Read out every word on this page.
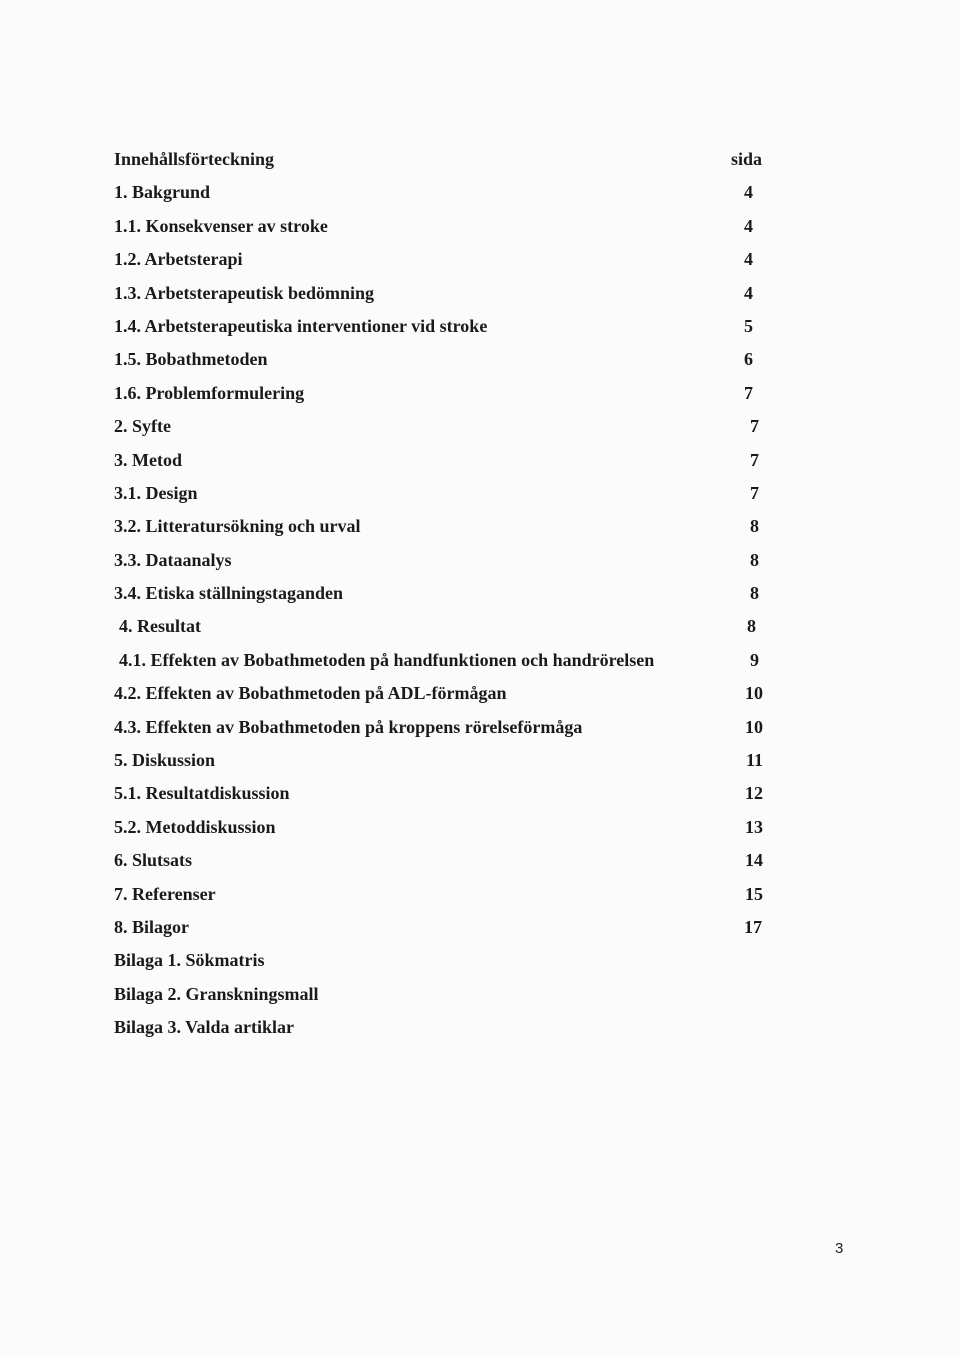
Innehållsförteckning	sida
1. Bakgrund	4
1.1. Konsekvenser av stroke	4
1.2. Arbetsterapi	4
1.3. Arbetsterapeutisk bedömning	4
1.4. Arbetsterapeutiska interventioner vid stroke	5
1.5. Bobathmetoden	6
1.6. Problemformulering	7
2. Syfte	7
3. Metod	7
3.1. Design	7
3.2. Litteratursökning och urval	8
3.3. Dataanalys	8
3.4. Etiska ställningstaganden	8
4. Resultat	8
4.1. Effekten av Bobathmetoden på handfunktionen och handrörelsen	9
4.2. Effekten av Bobathmetoden på ADL-förmågan	10
4.3. Effekten av Bobathmetoden på kroppens rörelseförmåga	10
5. Diskussion	11
5.1. Resultatdiskussion	12
5.2. Metoddiskussion	13
6. Slutsats	14
7. Referenser	15
8. Bilagor	17
Bilaga 1. Sökmatris
Bilaga 2. Granskningsmall
Bilaga 3. Valda artiklar
3
